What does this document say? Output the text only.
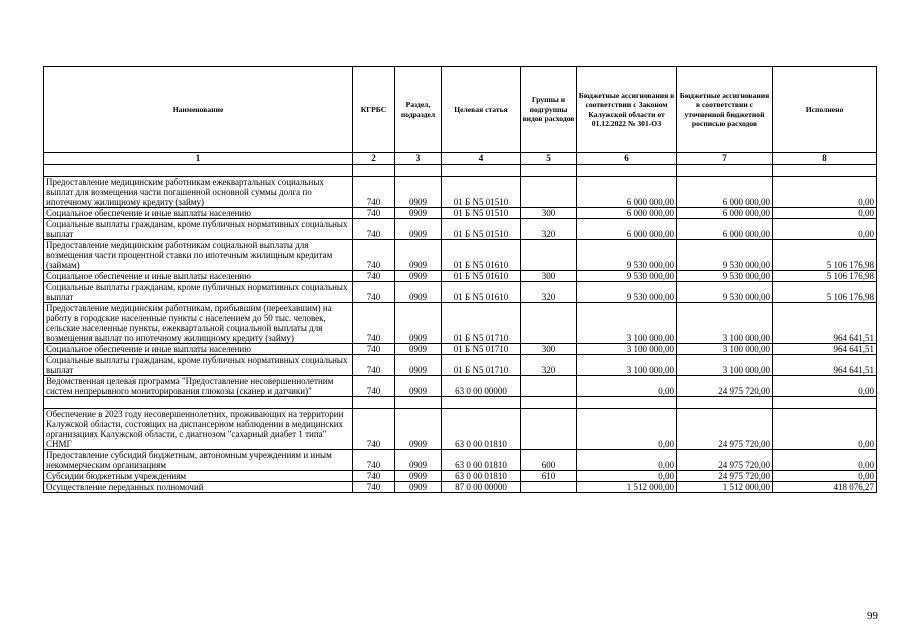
Наименование	КГРБС	Раздел, подраздел	Целевая статья	Группы и подгруппы видов расходов	Бюджетные ассигнования в соответствии с Законом Калужской области от 01.12.2022 № 301-ОЗ	Бюджетные ассигнования в соответствии с уточненной бюджетной росписью расходов	Исполнено
1	2	3	4	5	6	7	8

Предоставление медицинским работникам ежеквартальных социальных выплат для возмещения части погашенной основной суммы долга по ипотечному жилищному кредиту (займу)	740	0909	01 Б N5 01510		6 000 000,00	6 000 000,00	0,00
Социальное обеспечение и иные выплаты населению	740	0909	01 Б N5 01510	300	6 000 000,00	6 000 000,00	0,00
Социальные выплаты гражданам, кроме публичных нормативных социальных выплат	740	0909	01 Б N5 01510	320	6 000 000,00	6 000 000,00	0,00
Предоставление медицинским работникам социальной выплаты для возмещения части процентной ставки по ипотечным жилищным кредитам (займам)	740	0909	01 Б N5 01610		9 530 000,00	9 530 000,00	5 106 176,98
Социальное обеспечение и иные выплаты населению	740	0909	01 Б N5 01610	300	9 530 000,00	9 530 000,00	5 106 176,98
Социальные выплаты гражданам, кроме публичных нормативных социальных выплат	740	0909	01 Б N5 01610	320	9 530 000,00	9 530 000,00	5 106 176,98
Предоставление медицинским работникам, прибывшим (переехавшим) на работу в городские населенные пункты с населением до 50 тыс. человек, сельские населенные пункты, ежеквартальной социальной выплаты для возмещения выплат по ипотечному жилищному кредиту (займу)	740	0909	01 Б N5 01710		3 100 000,00	3 100 000,00	964 641,51
Социальное обеспечение и иные выплаты населению	740	0909	01 Б N5 01710	300	3 100 000,00	3 100 000,00	964 641,51
Социальные выплаты гражданам, кроме публичных нормативных социальных выплат	740	0909	01 Б N5 01710	320	3 100 000,00	3 100 000,00	964 641,51
Ведомственная целевая программа "Предоставление несовершеннолетним систем непрерывного мониторирования глюкозы (сканер и датчики)"	740	0909	63 0 00 00000		0,00	24 975 720,00	0,00

Обеспечение в 2023 году несовершеннолетних, проживающих на территории Калужской области, состоящих на диспансерном наблюдении в медицинских организациях Калужской области, с диагнозом "сахарный диабет 1 типа" СНМГ	740	0909	63 0 00 01810		0,00	24 975 720,00	0,00
Предоставление субсидий бюджетным, автономным учреждениям и иным некоммерческим организациям	740	0909	63 0 00 01810	600	0,00	24 975 720,00	0,00
Субсидии бюджетным учреждениям	740	0909	63 0 00 01810	610	0,00	24 975 720,00	0,00
Осуществление переданных полномочий	740	0909	87 0 00 00000		1 512 000,00	1 512 000,00	418 076,27
99
